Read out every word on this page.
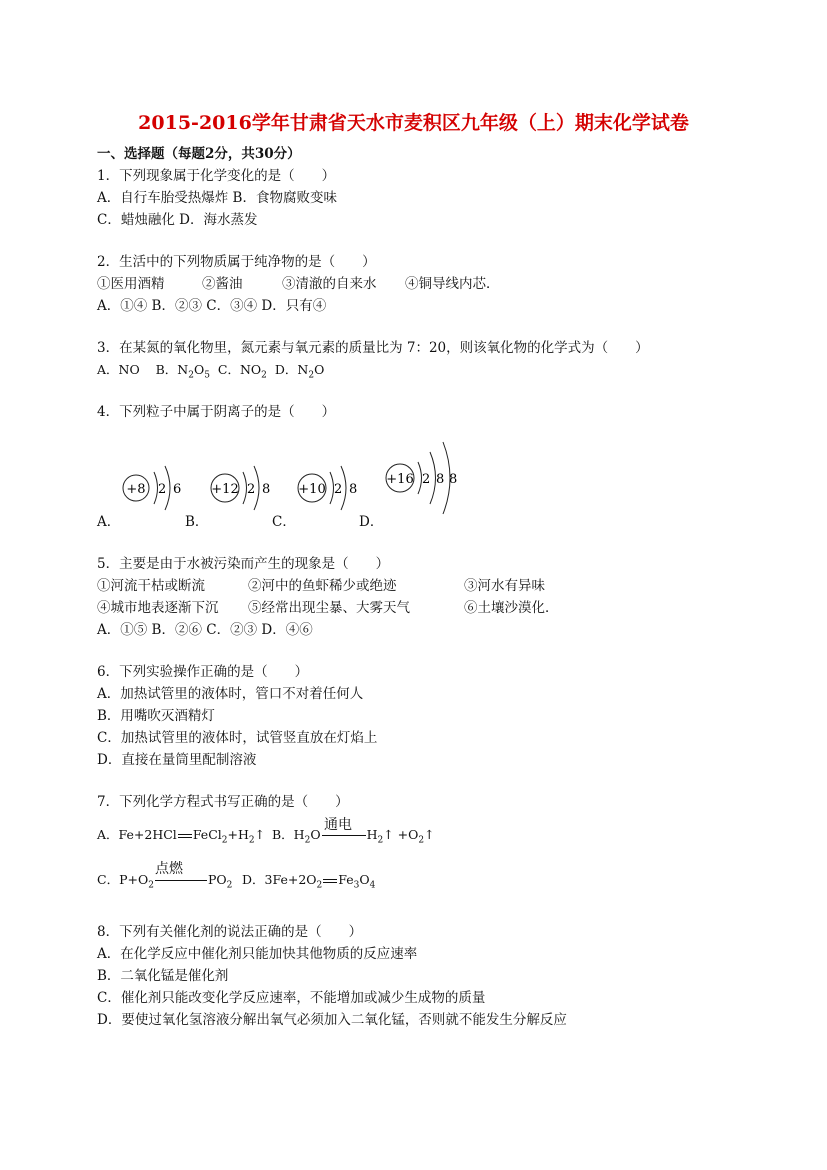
2015-2016学年甘肃省天水市麦积区九年级（上）期末化学试卷
一、选择题（每题2分，共30分）
1．下列现象属于化学变化的是（　　）
A．自行车胎受热爆炸 B．食物腐败变味
C．蜡烛融化 D．海水蒸发
2．生活中的下列物质属于纯净物的是（　　）
①医用酒精	②酱油	③清澈的自来水 ④铜导线内芯．
A．①④ B．②③ C．③④ D．只有④
3．在某氮的氧化物里，氮元素与氧元素的质量比为 7：20，则该氧化物的化学式为（　　）
A．NO B．$N_2O_5$ C．$NO_2$ D．$N_2O$
4．下列粒子中属于阴离子的是（　　）
+8 2 6 +12 2 8 +10 2 8
+16 2 8 8
A．	B．	C．	D．
5．主要是由于水被污染而产生的现象是（　　）
①河流干枯或断流	②河中的鱼虾稀少或绝迹	③河水有异味
④城市地表逐渐下沉 ⑤经常出现尘暴、大雾天气	⑥土壤沙漠化．
A．①⑤ B．②⑥ C．②③ D．④⑥
6．下列实验操作正确的是（　　）
A．加热试管里的液体时，管口不对着任何人
B．用嘴吹灭酒精灯
C．加热试管里的液体时，试管竖直放在灯焰上
D．直接在量筒里配制溶液
7．下列化学方程式书写正确的是（　　）
A．Fe+2HCl $FeCl_2+H_2↑$ B．$H_2O$	$H_2↑$ $+O_2↑$
通电
C．$P+O_2$	$PO_2$
点燃
D．$3Fe+2O_2$ $Fe_3O_4$
8．下列有关催化剂的说法正确的是（　　）
A．在化学反应中催化剂只能加快其他物质的反应速率
B．二氧化锰是催化剂
C．催化剂只能改变化学反应速率，不能增加或减少生成物的质量
D．要使过氧化氢溶液分解出氧气必须加入二氧化锰，否则就不能发生分解反应
